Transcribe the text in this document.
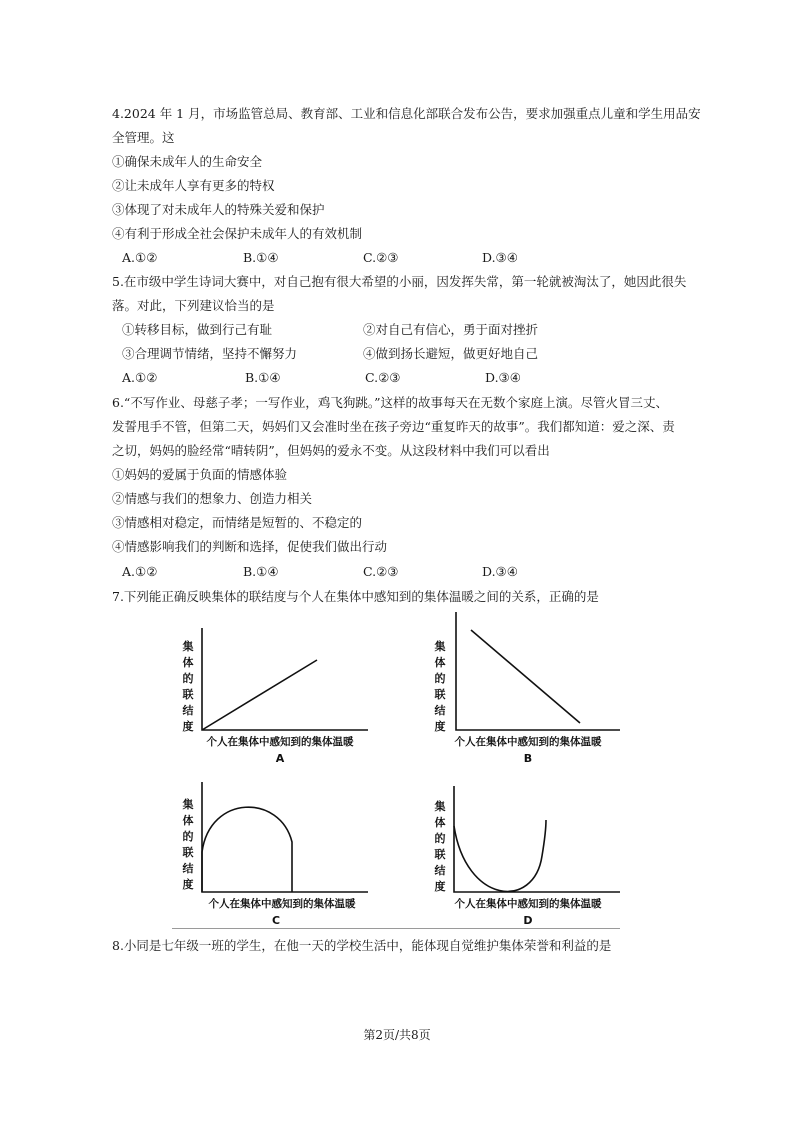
4.2024 年 1 月，市场监管总局、教育部、工业和信息化部联合发布公告，要求加强重点儿童和学生用品安
全管理。这
①确保未成年人的生命安全
②让未成年人享有更多的特权
③体现了对未成年人的特殊关爱和保护
④有利于形成全社会保护未成年人的有效机制
A.①②	B.①④	C.②③	D.③④
5.在市级中学生诗词大赛中，对自己抱有很大希望的小丽，因发挥失常，第一轮就被淘汰了，她因此很失
落。对此，下列建议恰当的是
①转移目标，做到行己有耻	②对自己有信心，勇于面对挫折
③合理调节情绪，坚持不懈努力	④做到扬长避短，做更好地自己
A.①②	B.①④	C.②③	D.③④
6.“不写作业、母慈子孝；一写作业，鸡飞狗跳。”这样的故事每天在无数个家庭上演。尽管火冒三丈、
发誓甩手不管，但第二天，妈妈们又会准时坐在孩子旁边“重复昨天的故事”。我们都知道：爱之深、责
之切，妈妈的脸经常“晴转阴”，但妈妈的爱永不变。从这段材料中我们可以看出
①妈妈的爱属于负面的情感体验
②情感与我们的想象力、创造力相关
③情感相对稳定，而情绪是短暂的、不稳定的
④情感影响我们的判断和选择，促使我们做出行动
A.①②	B.①④	C.②③	D.③④
7.下列能正确反映集体的联结度与个人在集体中感知到的集体温暖之间的关系，正确的是
集体的联结度
个人在集体中感知到的集体温暖
A
集体的联结度
个人在集体中感知到的集体温暖
B
集体的联结度
个人在集体中感知到的集体温暖
C
集体的联结度
个人在集体中感知到的集体温暖
D
8.小同是七年级一班的学生，在他一天的学校生活中，能体现自觉维护集体荣誉和利益的是
第2页/共8页
